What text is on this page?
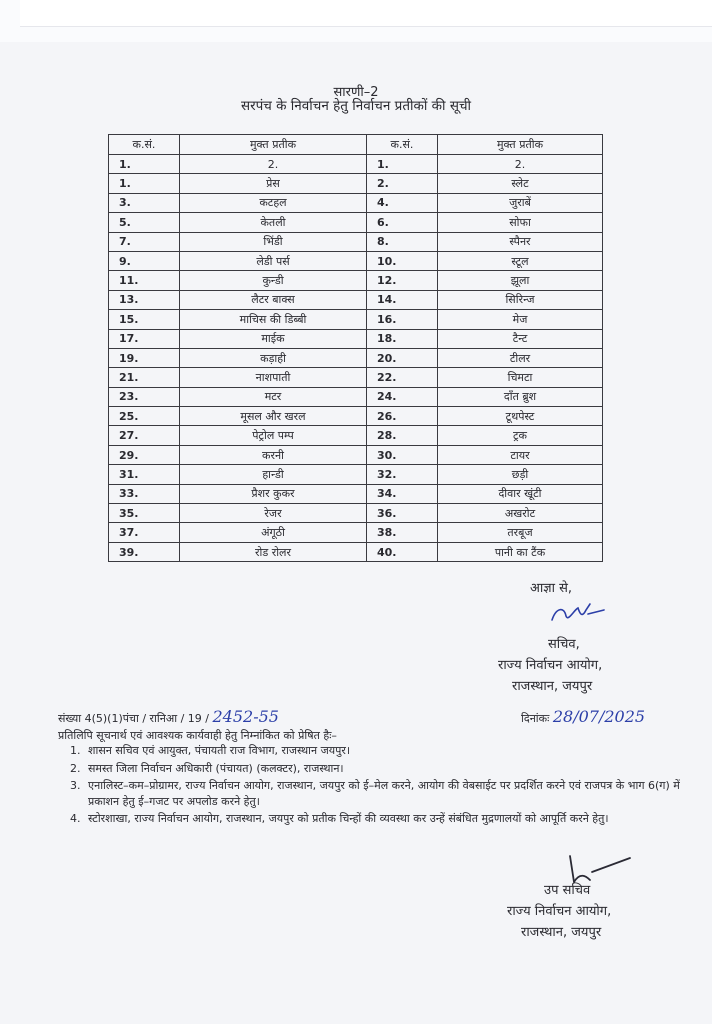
सारणी–2
सरपंच के निर्वाचन हेतु निर्वाचन प्रतीकों की सूची
क.सं.	मुक्त प्रतीक	क.सं.	मुक्त प्रतीक
1.	2.	1.	2.
1.	प्रेस	2.	स्लेट
3.	कटहल	4.	जुराबें
5.	केतली	6.	सोफा
7.	भिंडी	8.	स्पैनर
9.	लेडी पर्स	10.	स्टूल
11.	कुन्डी	12.	झूला
13.	लैटर बाक्स	14.	सिरिन्ज
15.	माचिस की डिब्बी	16.	मेज
17.	माईक	18.	टैन्ट
19.	कड़ाही	20.	टीलर
21.	नाशपाती	22.	चिमटा
23.	मटर	24.	दाँत ब्रुश
25.	मूसल और खरल	26.	टूथपेस्ट
27.	पेट्रोल पम्प	28.	ट्रक
29.	करनी	30.	टायर
31.	हान्डी	32.	छड़ी
33.	प्रैशर कुकर	34.	दीवार खूंटी
35.	रेजर	36.	अखरोट
37.	अंगूठी	38.	तरबूज
39.	रोड रोलर	40.	पानी का टैंक
आज्ञा से,
सचिव,
राज्य निर्वाचन आयोग,
राजस्थान, जयपुर
संख्या 4(5)(1)पंचा / रानिआ / 19 / 2452-55	दिनांकः 28/07/2025
प्रतिलिपि सूचनार्थ एवं आवश्यक कार्यवाही हेतु निम्नांकित को प्रेषित हैः–
1. शासन सचिव एवं आयुक्त, पंचायती राज विभाग, राजस्थान जयपुर।
2. समस्त जिला निर्वाचन अधिकारी (पंचायत) (कलक्टर), राजस्थान।
3. एनालिस्ट–कम–प्रोग्रामर, राज्य निर्वाचन आयोग, राजस्थान, जयपुर को ई–मेल करने, आयोग की वेबसाईट पर प्रदर्शित करने एवं राजपत्र के भाग 6(ग) में प्रकाशन हेतु ई–गजट पर अपलोड करने हेतु।
4. स्टोरशाखा, राज्य निर्वाचन आयोग, राजस्थान, जयपुर को प्रतीक चिन्हों की व्यवस्था कर उन्हें संबंधित मुद्रणालयों को आपूर्ति करने हेतु।
उप सचिव
राज्य निर्वाचन आयोग,
राजस्थान, जयपुर
